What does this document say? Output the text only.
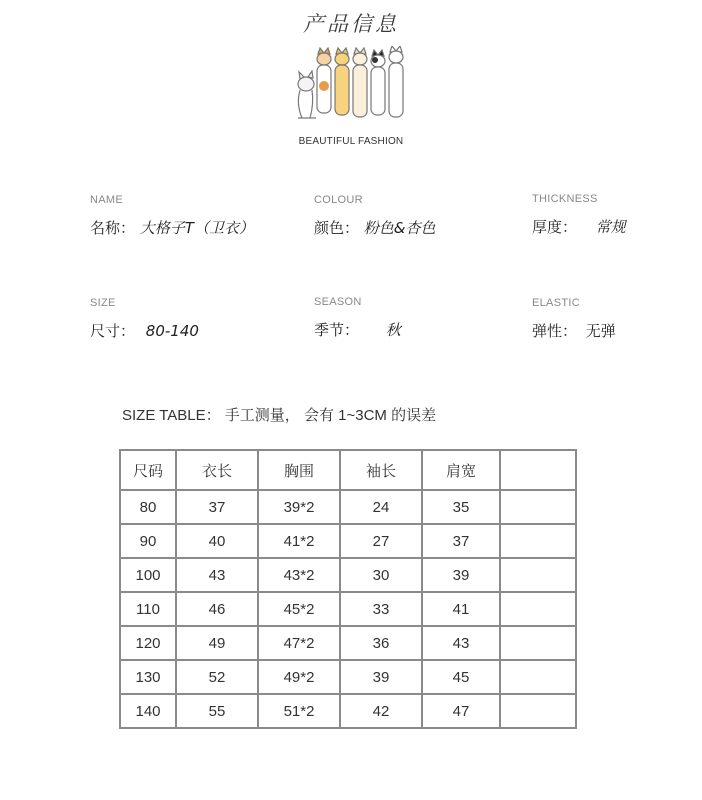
产品信息
BEAUTIFUL FASHION
NAME
名称： 大格子T（卫衣）
COLOUR
颜色： 粉色&杏色
THICKNESS
厚度： 常规
SIZE
尺寸： 80-140
SEASON
季节： 秋
ELASTIC
弹性： 无弹
SIZE TABLE： 手工测量， 会有 1~3CM 的误差
尺码	衣长	胸围	袖长	肩宽	
80	37	39*2	24	35	
90	40	41*2	27	37	
100	43	43*2	30	39	
110	46	45*2	33	41	
120	49	47*2	36	43	
130	52	49*2	39	45	
140	55	51*2	42	47	
